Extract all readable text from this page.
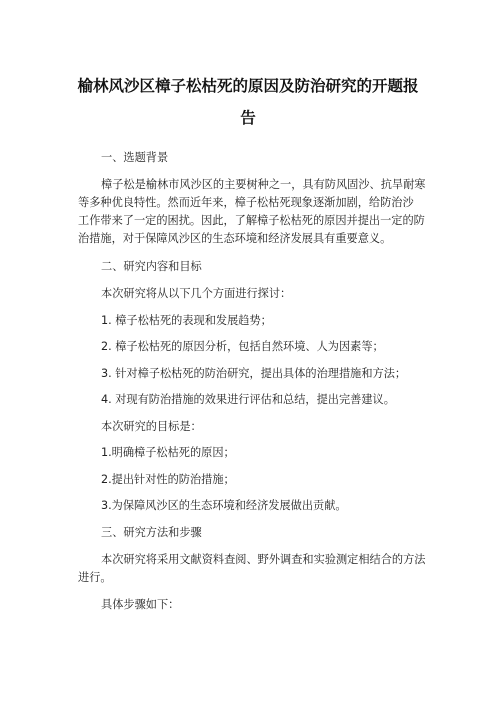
榆林风沙区樟子松枯死的原因及防治研究的开题报
告
一、选题背景
樟子松是榆林市风沙区的主要树种之一，具有防风固沙、抗旱耐寒
等多种优良特性。然而近年来，樟子松枯死现象逐渐加剧，给防治沙
工作带来了一定的困扰。因此，了解樟子松枯死的原因并提出一定的防
治措施，对于保障风沙区的生态环境和经济发展具有重要意义。
二、研究内容和目标
本次研究将从以下几个方面进行探讨：
1. 樟子松枯死的表现和发展趋势；
2. 樟子松枯死的原因分析，包括自然环境、人为因素等；
3. 针对樟子松枯死的防治研究，提出具体的治理措施和方法；
4. 对现有防治措施的效果进行评估和总结，提出完善建议。
本次研究的目标是：
1.明确樟子松枯死的原因；
2.提出针对性的防治措施；
3.为保障风沙区的生态环境和经济发展做出贡献。
三、研究方法和步骤
本次研究将采用文献资料查阅、野外调查和实验测定相结合的方法
进行。
具体步骤如下：
